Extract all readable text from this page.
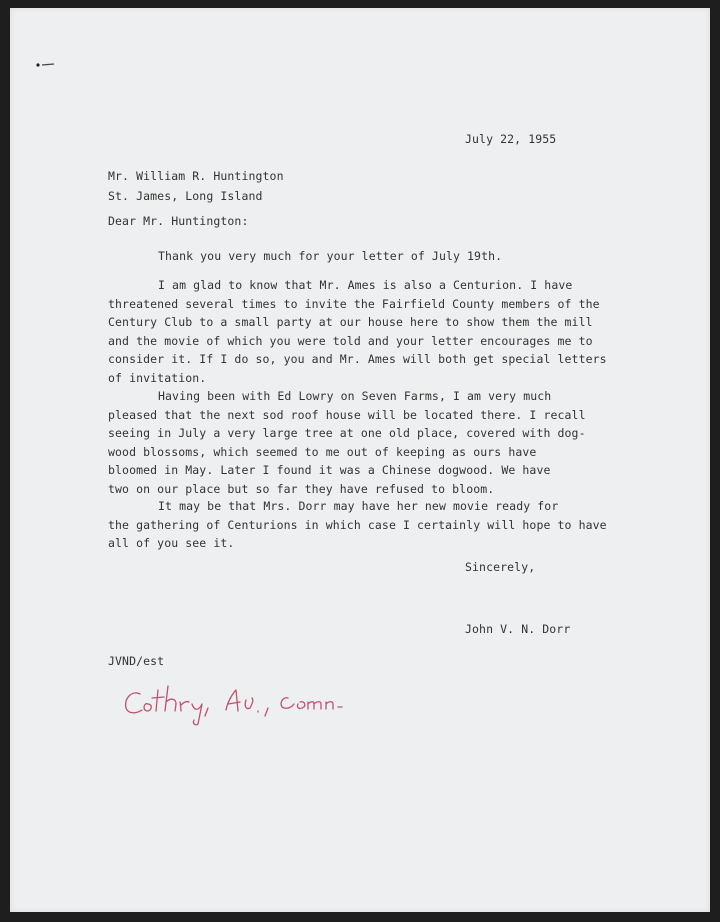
July 22, 1955
Mr. William R. Huntington
St. James, Long Island
Dear Mr. Huntington:
Thank you very much for your letter of July 19th.
I am glad to know that Mr. Ames is also a Centurion. I have
threatened several times to invite the Fairfield County members of the
Century Club to a small party at our house here to show them the mill
and the movie of which you were told and your letter encourages me to
consider it. If I do so, you and Mr. Ames will both get special letters
of invitation.
Having been with Ed Lowry on Seven Farms, I am very much
pleased that the next sod roof house will be located there. I recall
seeing in July a very large tree at one old place, covered with dog-
wood blossoms, which seemed to me out of keeping as ours have
bloomed in May. Later I found it was a Chinese dogwood. We have
two on our place but so far they have refused to bloom.
It may be that Mrs. Dorr may have her new movie ready for
the gathering of Centurions in which case I certainly will hope to have
all of you see it.
Sincerely,
John V. N. Dorr
JVND/est
